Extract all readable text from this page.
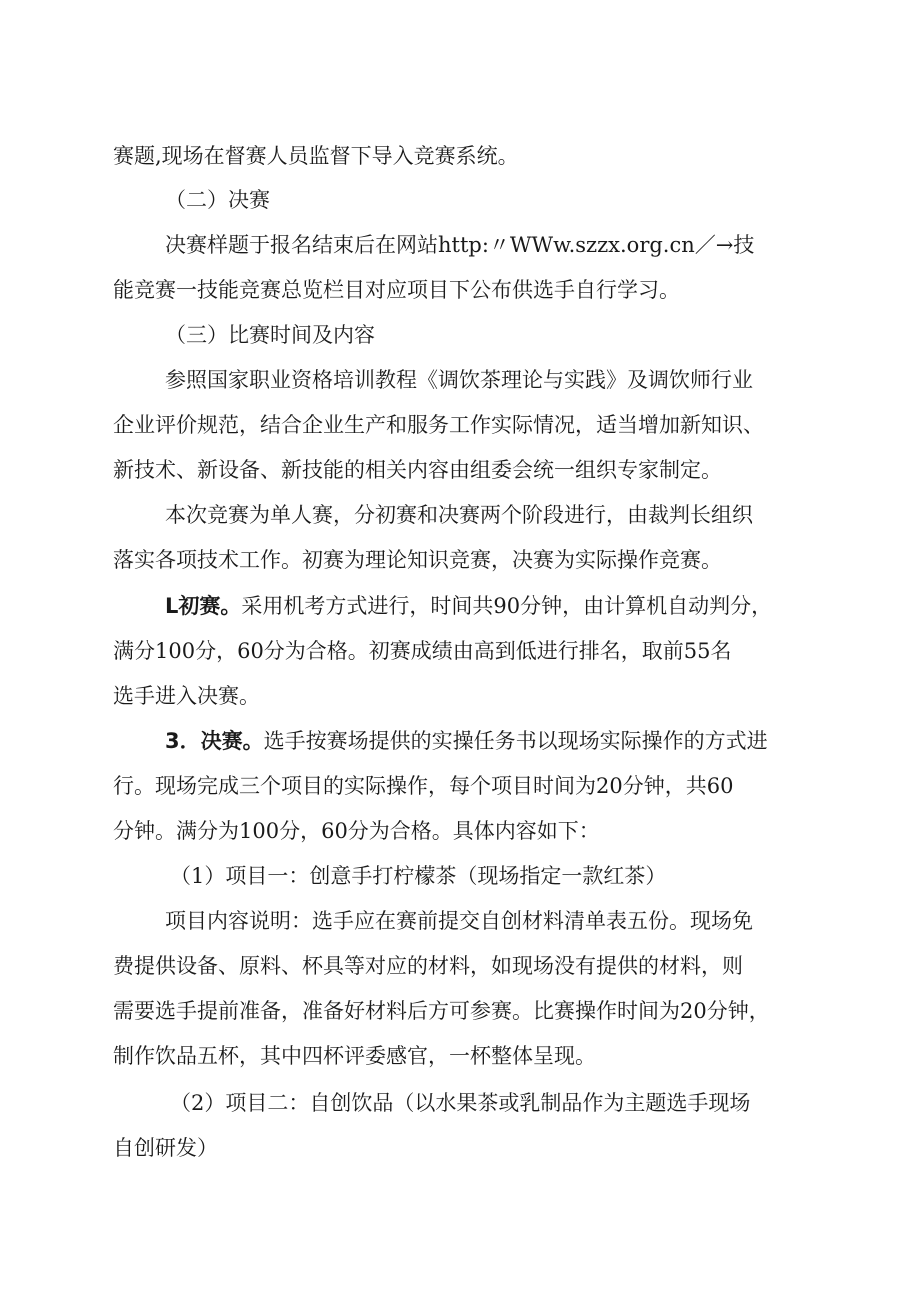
赛题,现场在督赛人员监督下导入竞赛系统。

（二）决赛

决赛样题于报名结束后在网站http:〃WWw.szzx.org.cn／→技

能竞赛一技能竞赛总览栏目对应项目下公布供选手自行学习。

（三）比赛时间及内容

参照国家职业资格培训教程《调饮茶理论与实践》及调饮师行业

企业评价规范，结合企业生产和服务工作实际情况，适当增加新知识、

新技术、新设备、新技能的相关内容由组委会统一组织专家制定。

本次竞赛为单人赛，分初赛和决赛两个阶段进行，由裁判长组织

落实各项技术工作。初赛为理论知识竞赛，决赛为实际操作竞赛。

L初赛。采用机考方式进行，时间共90分钟，由计算机自动判分，

满分100分，60分为合格。初赛成绩由高到低进行排名，取前55名

选手进入决赛。

3．决赛。选手按赛场提供的实操任务书以现场实际操作的方式进

行。现场完成三个项目的实际操作，每个项目时间为20分钟，共60

分钟。满分为100分，60分为合格。具体内容如下：

（1）项目一：创意手打柠檬茶（现场指定一款红茶）

项目内容说明：选手应在赛前提交自创材料清单表五份。现场免

费提供设备、原料、杯具等对应的材料，如现场没有提供的材料，则

需要选手提前准备，准备好材料后方可参赛。比赛操作时间为20分钟，

制作饮品五杯，其中四杯评委感官，一杯整体呈现。

（2）项目二：自创饮品（以水果茶或乳制品作为主题选手现场

自创研发）
